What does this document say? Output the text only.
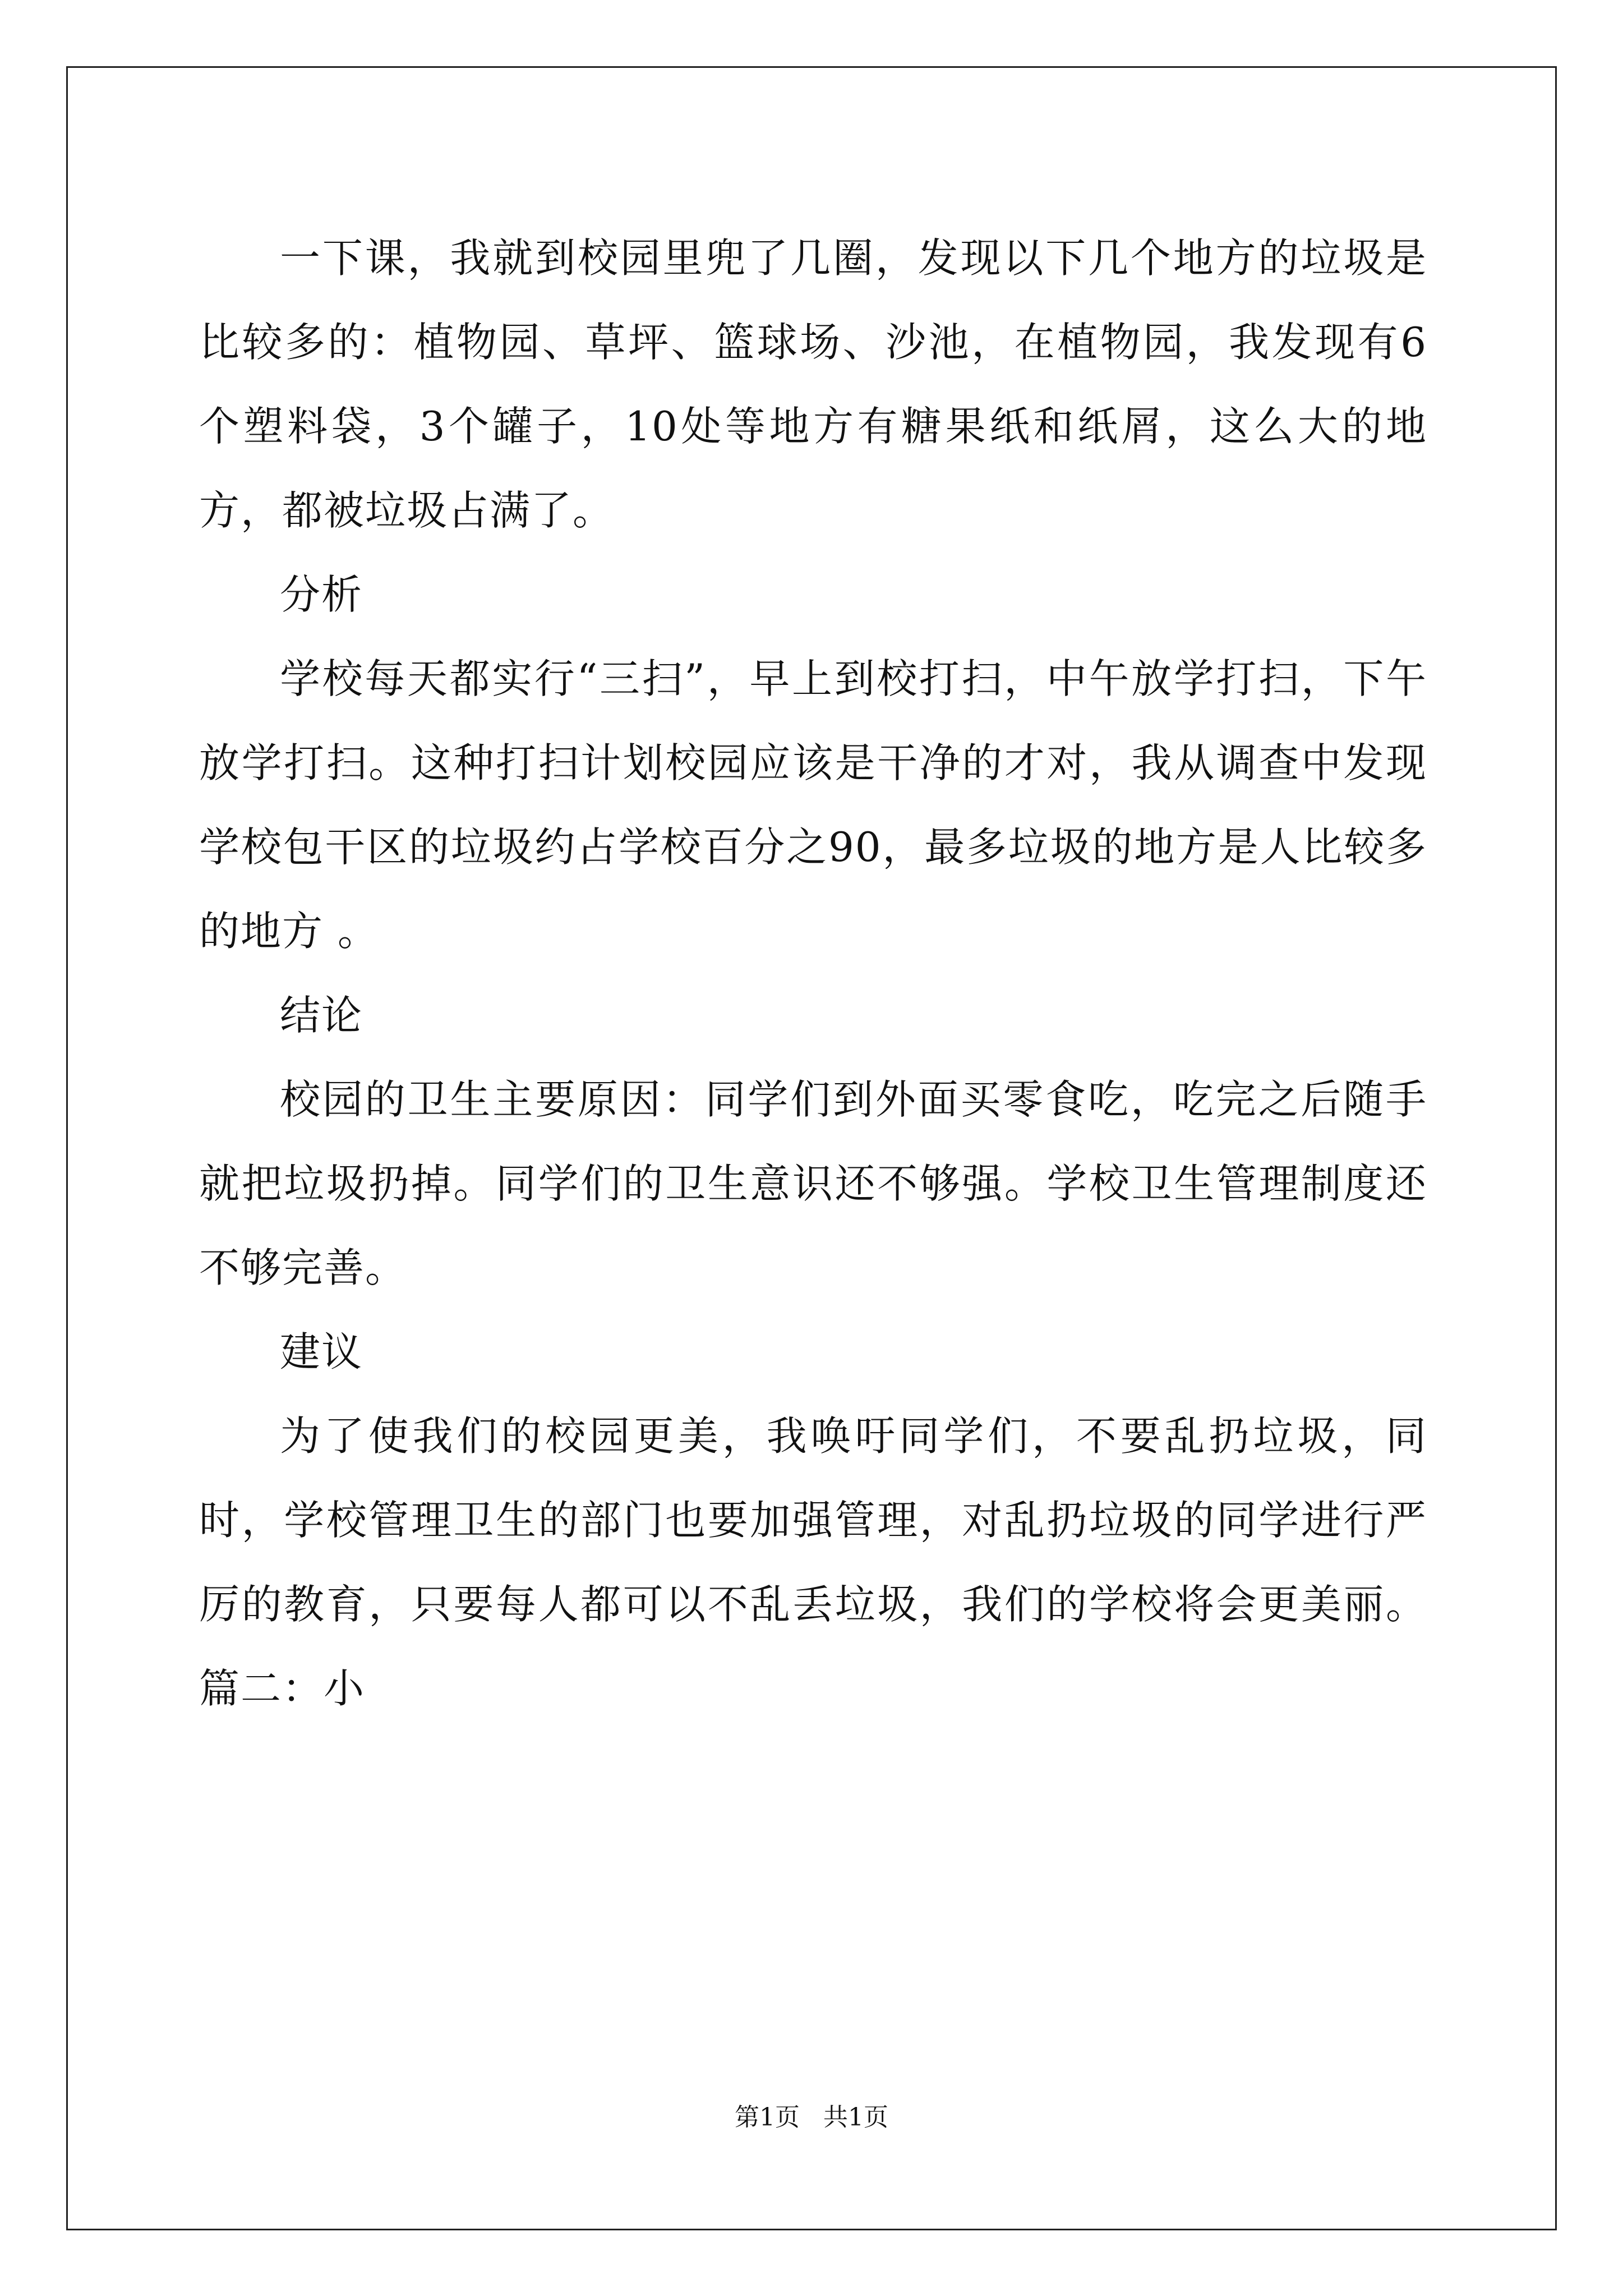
一下课，我就到校园里兜了几圈，发现以下几个地方的垃圾是比较多的：植物园、草坪、篮球场、沙池，在植物园，我发现有6个塑料袋，3个罐子，10处等地方有糖果纸和纸屑，这么大的地方，都被垃圾占满了。

分析

学校每天都实行“三扫”，早上到校打扫，中午放学打扫，下午放学打扫。这种打扫计划校园应该是干净的才对，我从调查中发现学校包干区的垃圾约占学校百分之90，最多垃圾的地方是人比较多的地方 。

结论

校园的卫生主要原因：同学们到外面买零食吃，吃完之后随手就把垃圾扔掉。同学们的卫生意识还不够强。学校卫生管理制度还不够完善。

建议

为了使我们的校园更美，我唤吁同学们，不要乱扔垃圾，同时，学校管理卫生的部门也要加强管理，对乱扔垃圾的同学进行严厉的教育，只要每人都可以不乱丢垃圾，我们的学校将会更美丽。篇二：小

第1页 共1页
